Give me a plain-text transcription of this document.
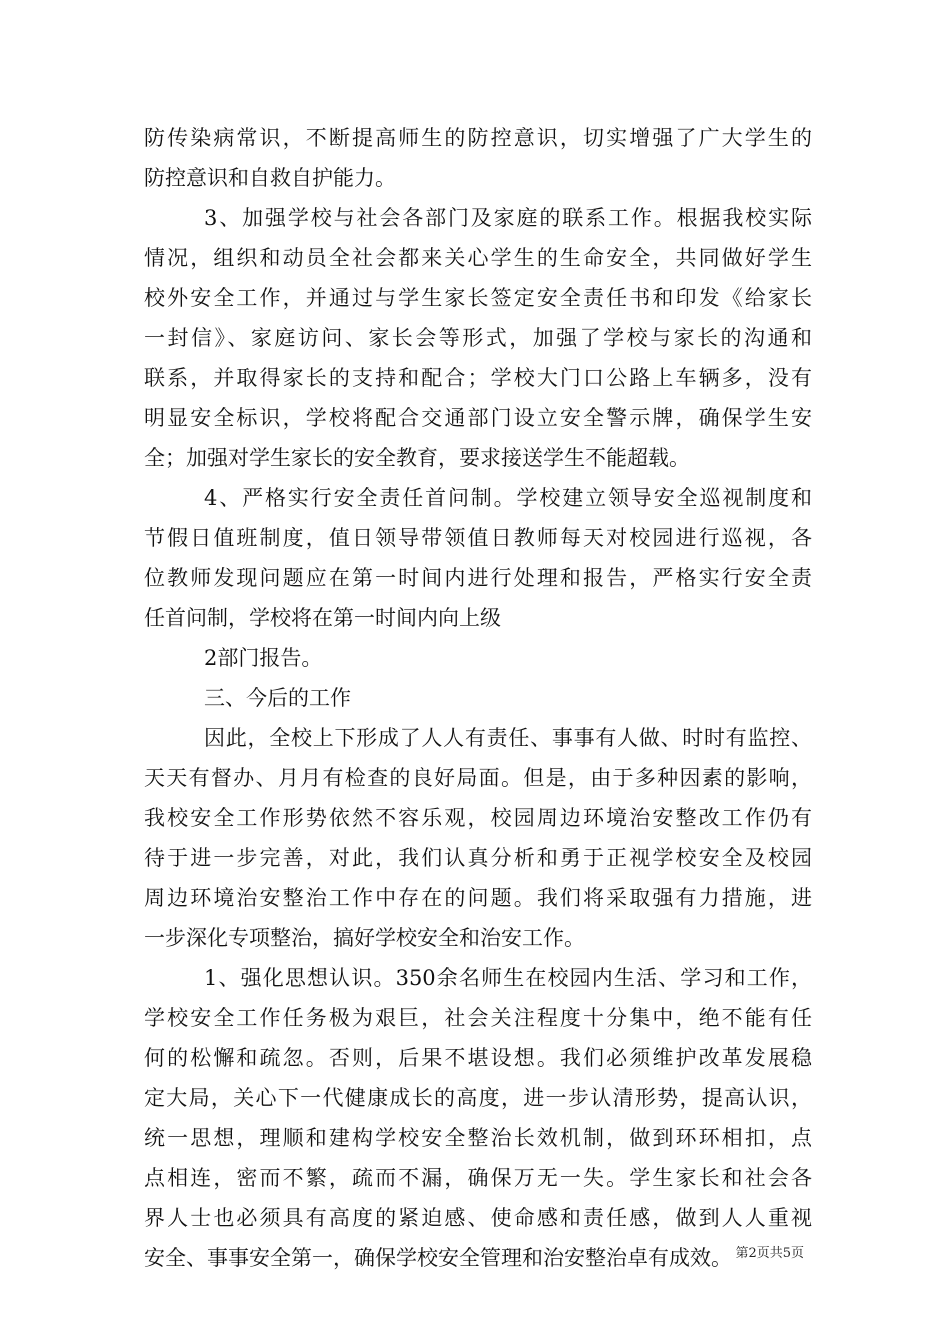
防传染病常识，不断提高师生的防控意识，切实增强了广大学生的
防控意识和自救自护能力。
3、加强学校与社会各部门及家庭的联系工作。根据我校实际
情况，组织和动员全社会都来关心学生的生命安全，共同做好学生
校外安全工作，并通过与学生家长签定安全责任书和印发《给家长
一封信》、家庭访问、家长会等形式，加强了学校与家长的沟通和
联系，并取得家长的支持和配合；学校大门口公路上车辆多，没有
明显安全标识，学校将配合交通部门设立安全警示牌，确保学生安
全；加强对学生家长的安全教育，要求接送学生不能超载。
4、严格实行安全责任首问制。学校建立领导安全巡视制度和
节假日值班制度，值日领导带领值日教师每天对校园进行巡视，各
位教师发现问题应在第一时间内进行处理和报告，严格实行安全责
任首问制，学校将在第一时间内向上级
2部门报告。
三、今后的工作
因此，全校上下形成了人人有责任、事事有人做、时时有监控、
天天有督办、月月有检查的良好局面。但是，由于多种因素的影响，
我校安全工作形势依然不容乐观，校园周边环境治安整改工作仍有
待于进一步完善，对此，我们认真分析和勇于正视学校安全及校园
周边环境治安整治工作中存在的问题。我们将采取强有力措施，进
一步深化专项整治，搞好学校安全和治安工作。
1、强化思想认识。350余名师生在校园内生活、学习和工作，
学校安全工作任务极为艰巨，社会关注程度十分集中，绝不能有任
何的松懈和疏忽。否则，后果不堪设想。我们必须维护改革发展稳
定大局，关心下一代健康成长的高度，进一步认清形势，提高认识，
统一思想，理顺和建构学校安全整治长效机制，做到环环相扣，点
点相连，密而不繁，疏而不漏，确保万无一失。学生家长和社会各
界人士也必须具有高度的紧迫感、使命感和责任感，做到人人重视
安全、事事安全第一，确保学校安全管理和治安整治卓有成效。 第2页共5页
